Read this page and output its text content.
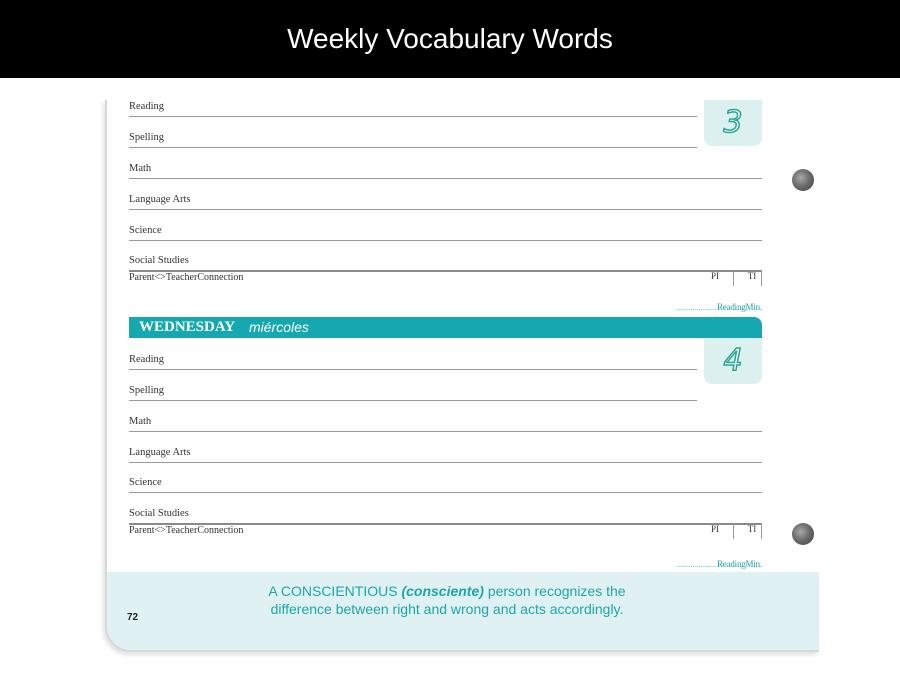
Weekly Vocabulary Words
3
Reading
Spelling
Math
Language Arts
Science
Social Studies
Parent<>TeacherConnection	PI	TI
....................ReadingMin.
WEDNESDAY miércoles
4
Reading
Spelling
Math
Language Arts
Science
Social Studies
Parent<>TeacherConnection	PI	TI
....................ReadingMin.
A CONSCIENTIOUS (consciente) person recognizes the
difference between right and wrong and acts accordingly.
72
